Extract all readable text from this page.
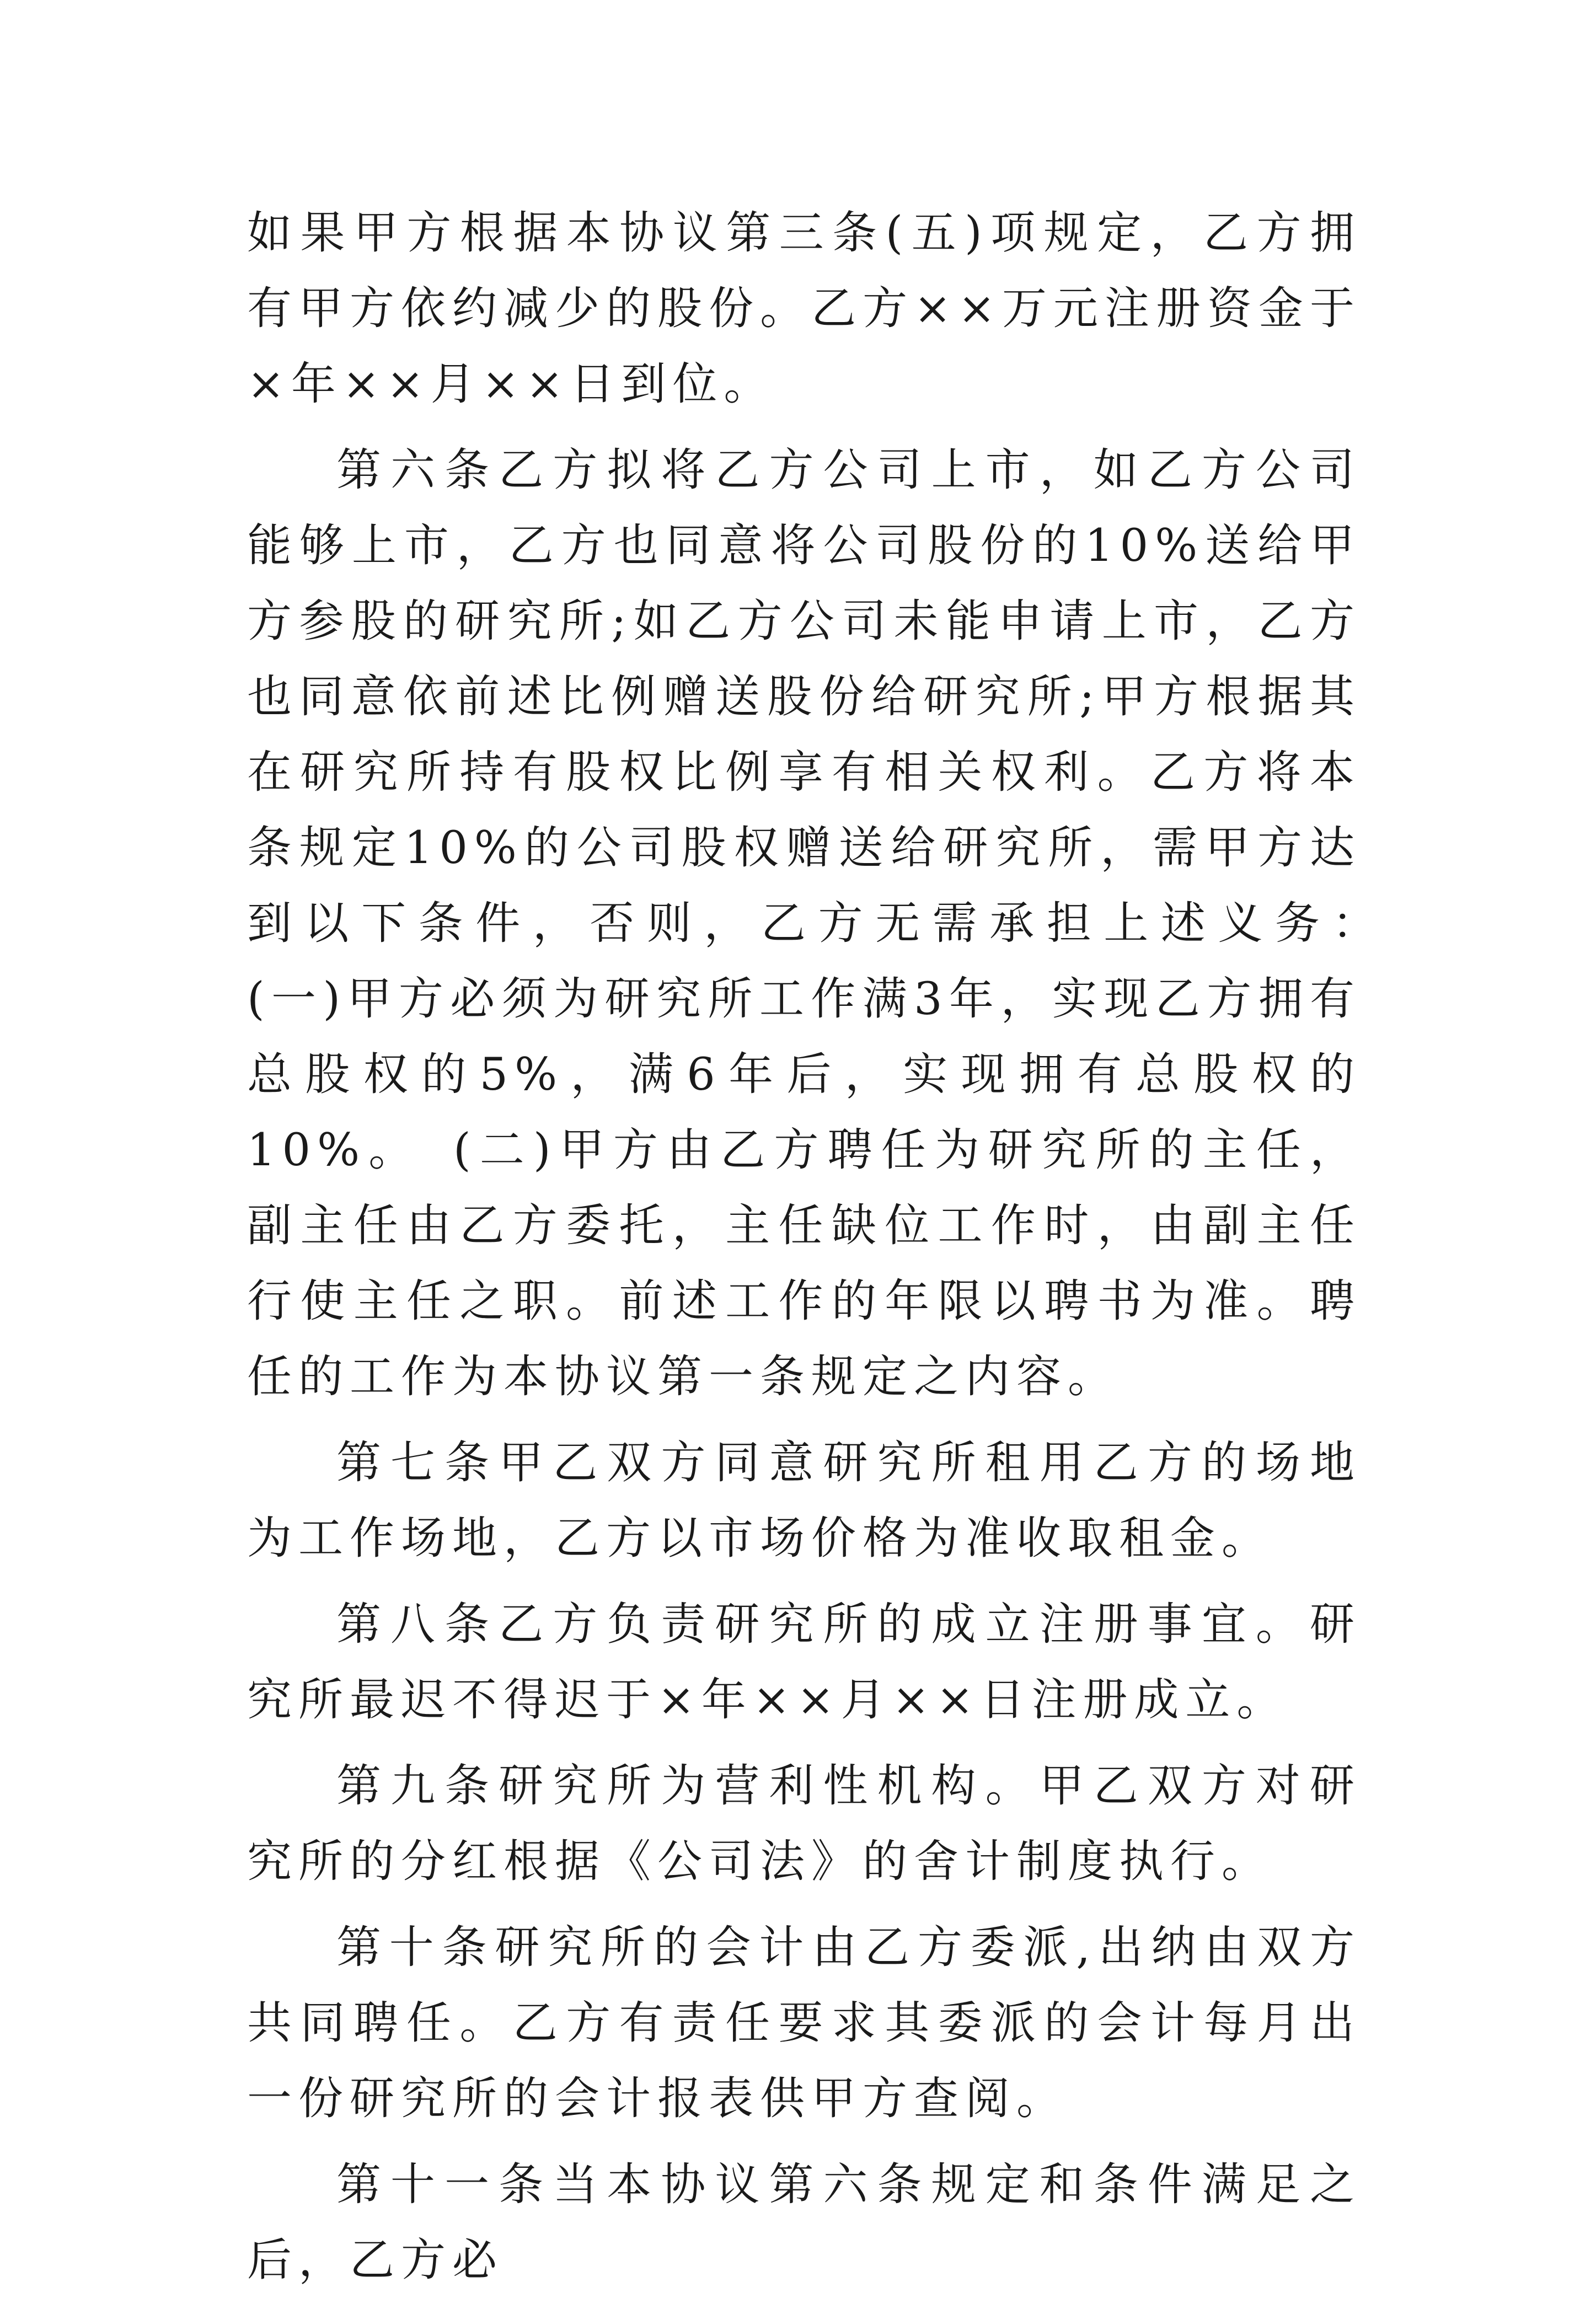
如果甲方根据本协议第三条(五)项规定，乙方拥有甲方依约减少的股份。乙方××万元注册资金于×年××月××日到位。

第六条乙方拟将乙方公司上市，如乙方公司能够上市，乙方也同意将公司股份的10%送给甲方参股的研究所;如乙方公司未能申请上市，乙方也同意依前述比例赠送股份给研究所;甲方根据其在研究所持有股权比例享有相关权利。乙方将本条规定10%的公司股权赠送给研究所，需甲方达到以下条件，否则，乙方无需承担上述义务：　(一)甲方必须为研究所工作满3年，实现乙方拥有总股权的5%，满6年后，实现拥有总股权的10%。　(二)甲方由乙方聘任为研究所的主任，副主任由乙方委托，主任缺位工作时，由副主任行使主任之职。前述工作的年限以聘书为准。聘任的工作为本协议第一条规定之内容。

第七条甲乙双方同意研究所租用乙方的场地为工作场地，乙方以市场价格为准收取租金。

第八条乙方负责研究所的成立注册事宜。研究所最迟不得迟于×年××月××日注册成立。

第九条研究所为营利性机构。甲乙双方对研究所的分红根据《公司法》的舍计制度执行。

第十条研究所的会计由乙方委派,出纳由双方共同聘任。乙方有责任要求其委派的会计每月出一份研究所的会计报表供甲方查阅。

第十一条当本协议第六条规定和条件满足之后，乙方必
